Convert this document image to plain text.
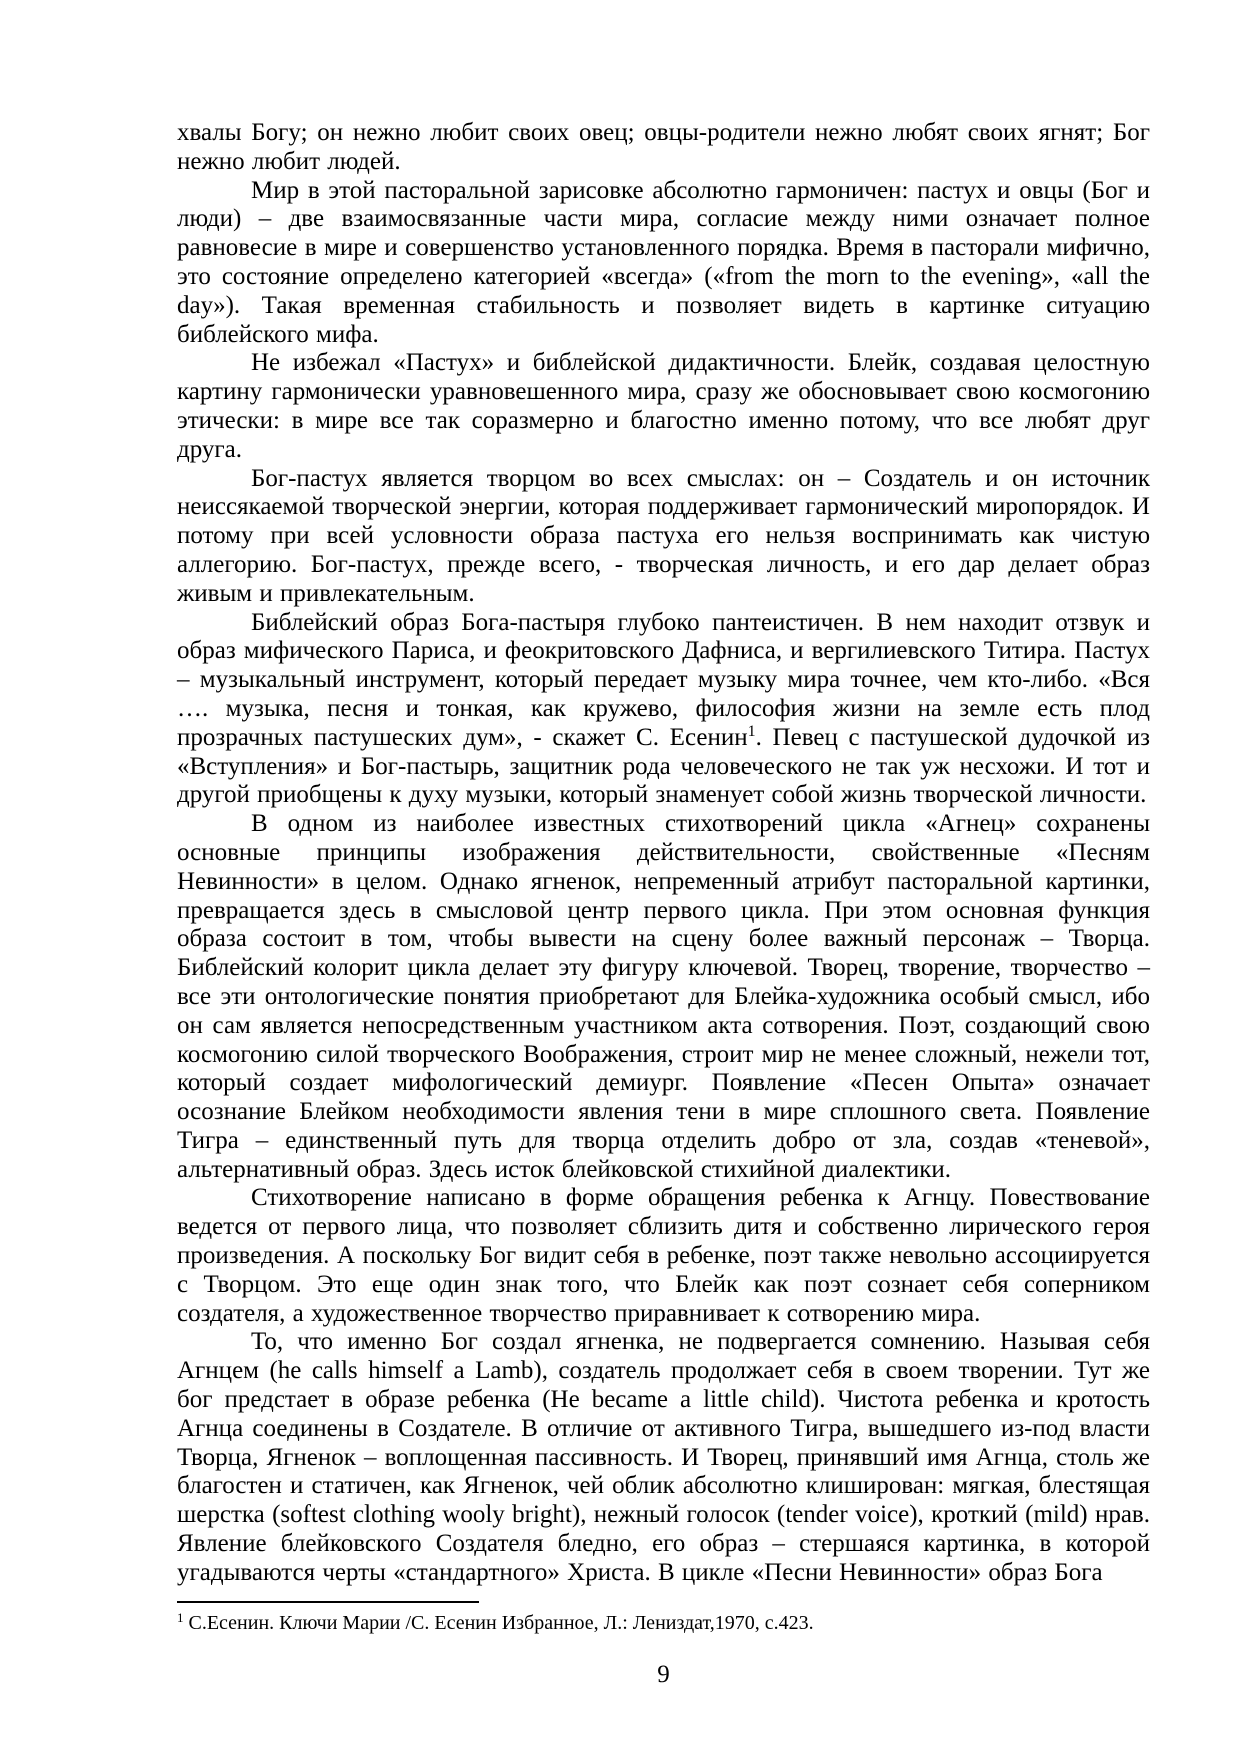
хвалы Богу; он нежно любит своих овец; овцы-родители нежно любят своих ягнят; Бог нежно любит людей.

Мир в этой пасторальной зарисовке абсолютно гармоничен: пастух и овцы (Бог и люди) – две взаимосвязанные части мира, согласие между ними означает полное равновесие в мире и совершенство установленного порядка. Время в пасторали мифично, это состояние определено категорией «всегда» («from the morn to the evening», «all the day»). Такая временная стабильность и позволяет видеть в картинке ситуацию библейского мифа.

Не избежал «Пастух» и библейской дидактичности. Блейк, создавая целостную картину гармонически уравновешенного мира, сразу же обосновывает свою космогонию этически: в мире все так соразмерно и благостно именно потому, что все любят друг друга.

Бог-пастух является творцом во всех смыслах: он – Создатель и он источник неиссякаемой творческой энергии, которая поддерживает гармонический миропорядок. И потому при всей условности образа пастуха его нельзя воспринимать как чистую аллегорию. Бог-пастух, прежде всего, - творческая личность, и его дар делает образ живым и привлекательным.

Библейский образ Бога-пастыря глубоко пантеистичен. В нем находит отзвук и образ мифического Париса, и феокритовского Дафниса, и вергилиевского Титира. Пастух – музыкальный инструмент, который передает музыку мира точнее, чем кто-либо. «Вся …. музыка, песня и тонкая, как кружево, философия жизни на земле есть плод прозрачных пастушеских дум», - скажет С. Есенин$^1$. Певец с пастушеской дудочкой из «Вступления» и Бог-пастырь, защитник рода человеческого не так уж несхожи. И тот и другой приобщены к духу музыки, который знаменует собой жизнь творческой личности.

В одном из наиболее известных стихотворений цикла «Агнец» сохранены основные принципы изображения действительности, свойственные «Песням Невинности» в целом. Однако ягненок, непременный атрибут пасторальной картинки, превращается здесь в смысловой центр первого цикла. При этом основная функция образа состоит в том, чтобы вывести на сцену более важный персонаж – Творца. Библейский колорит цикла делает эту фигуру ключевой. Творец, творение, творчество – все эти онтологические понятия приобретают для Блейка-художника особый смысл, ибо он сам является непосредственным участником акта сотворения. Поэт, создающий свою космогонию силой творческого Воображения, строит мир не менее сложный, нежели тот, который создает мифологический демиург. Появление «Песен Опыта» означает осознание Блейком необходимости явления тени в мире сплошного света. Появление Тигра – единственный путь для творца отделить добро от зла, создав «теневой», альтернативный образ. Здесь исток блейковской стихийной диалектики.

Стихотворение написано в форме обращения ребенка к Агнцу. Повествование ведется от первого лица, что позволяет сблизить дитя и собственно лирического героя произведения. А поскольку Бог видит себя в ребенке, поэт также невольно ассоциируется с Творцом. Это еще один знак того, что Блейк как поэт сознает себя соперником создателя, а художественное творчество приравнивает к сотворению мира.

То, что именно Бог создал ягненка, не подвергается сомнению. Называя себя Агнцем (he calls himself a Lamb), создатель продолжает себя в своем творении. Тут же бог предстает в образе ребенка (He became a little child). Чистота ребенка и кротость Агнца соединены в Создателе. В отличие от активного Тигра, вышедшего из-под власти Творца, Ягненок – воплощенная пассивность. И Творец, принявший имя Агнца, столь же благостен и статичен, как Ягненок, чей облик абсолютно клиширован: мягкая, блестящая шерстка (softest clothing wooly bright), нежный голосок (tender voice), кроткий (mild) нрав. Явление блейковского Создателя бледно, его образ – стершаяся картинка, в которой угадываются черты «стандартного» Христа. В цикле «Песни Невинности» образ Бога

$^1$ С.Есенин. Ключи Марии /С. Есенин Избранное, Л.: Лениздат,1970, с.423.
9
